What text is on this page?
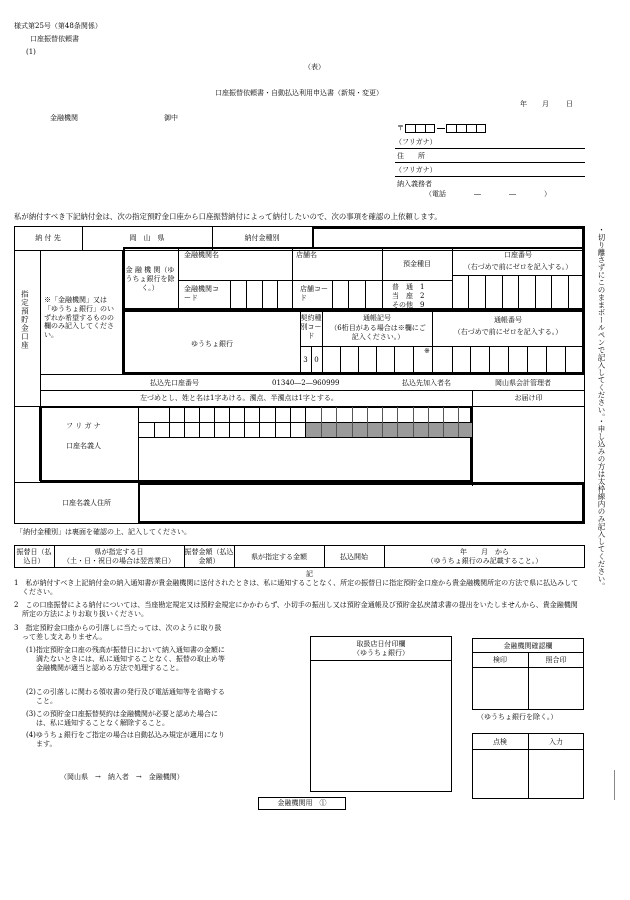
様式第25号（第48条関係）
口座振替依頼書
(1)
（表）
口座振替依頼書・自動払込利用申込書（新規・変更）
年 月 日
金融機関	御中
〒
（フリガナ）
住　　所
（フリガナ）
納入義務者
（電話　　　　―　　　　―　　　　）
私が納付すべき下記納付金は、次の指定預貯金口座から口座振替納付によって納付したいので、次の事項を確認の上依頼します。
・切り離さずにこのままボールペンで記入してください。・申し込みの方は太枠線内のみ記入してください。
納 付 先	岡　山　県	納付金種別
指定預貯金口座 ※「金融機関」又は「ゆうちょ銀行」のいずれか希望するものの欄のみ記入してください。
金 融 機 関（ゆうちょ銀行を除く。）
金融機関名	店舗名
預金種目
口座番号
（右づめで前にゼロを記入する。）
金融機関コード
店舗コード
普　通　1
当　座　2
その他　9
ゆうちょ銀行
契約種別コード
通帳記号
（6桁目がある場合は※欄にご記入ください。）
通帳番号
（右づめで前にゼロを記入する。）
3 0
※
払込先口座番号	01340―2―960999	払込先加入者名	岡山県会計管理者
左づめとし、姓と名は1字あける。濁点、半濁点は1字とする。	お届け印
フ リ ガ ナ
口座名義人
口座名義人住所
「納付金種別」は裏面を確認の上、記入してください。
振替日（払込日）
県が指定する日
（土・日・祝日の場合は翌営業日）
振替金額（払込金額）	県が指定する金額	払込開始
年　　月　から
（ゆうちょ銀行のみ記載すること。）
記
1　私が納付すべき上記納付金の納入通知書が貴金融機関に送付されたときは、私に通知することなく、所定の振替日に指定預貯金口座から貴金融機関所定の方法で県に払込みしてください。
2　この口座振替による納付については、当座勘定規定又は預貯金規定にかかわらず、小切手の振出し又は預貯金通帳及び預貯金払戻請求書の提出をいたしませんから、貴金融機関所定の方法によりお取り扱いください。
3　指定預貯金口座からの引落しに当たっては、次のように取り扱って差し支えありません。
(1)指定預貯金口座の残高が振替日において納入通知書の金額に満たないときには、私に通知することなく、振替の取止め等金融機関が適当と認める方法で処理すること。
(2)この引落しに関わる領収書の発行及び電話通知等を省略すること。
(3)この預貯金口座振替契約は金融機関が必要と認めた場合には、私に通知することなく解除すること。
(4)ゆうちょ銀行をご指定の場合は自動払込み規定が適用になります。
（岡山県　→　納入者　→　金融機関）
取扱店日付印欄
（ゆうちょ銀行）
金融機関確認欄
検印	照合印
（ゆうちょ銀行を除く。）
点検	入力
金融機関用　①
